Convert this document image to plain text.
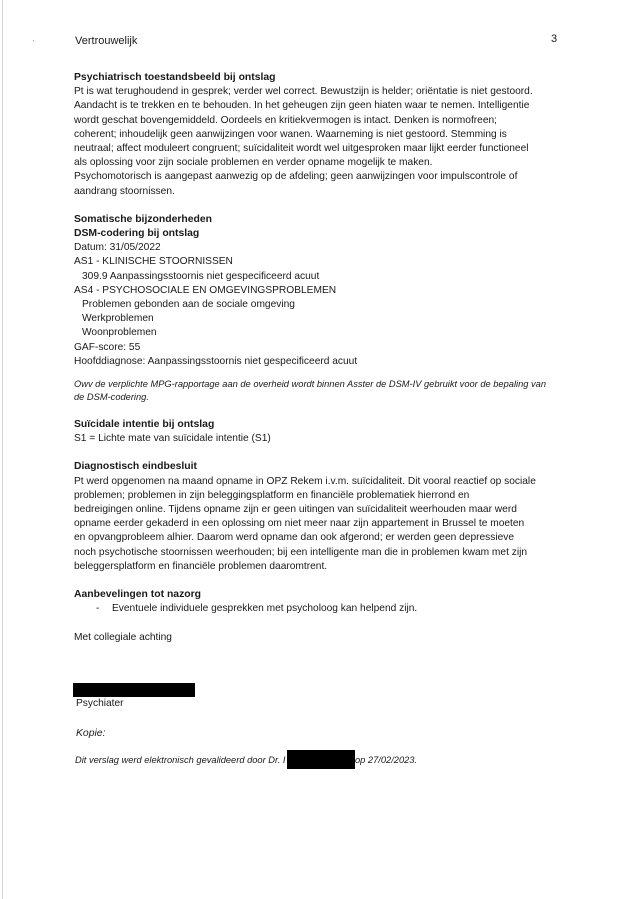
Vertrouwelijk	3
Psychiatrisch toestandsbeeld bij ontslag
Pt is wat terughoudend in gesprek; verder wel correct. Bewustzijn is helder; oriëntatie is niet gestoord.
Aandacht is te trekken en te behouden. In het geheugen zijn geen hiaten waar te nemen. Intelligentie
wordt geschat bovengemiddeld. Oordeels en kritiekvermogen is intact. Denken is normofreen;
coherent; inhoudelijk geen aanwijzingen voor wanen. Waarneming is niet gestoord. Stemming is
neutraal; affect moduleert congruent; suïcidaliteit wordt wel uitgesproken maar lijkt eerder functioneel
als oplossing voor zijn sociale problemen en verder opname mogelijk te maken.
Psychomotorisch is aangepast aanwezig op de afdeling; geen aanwijzingen voor impulscontrole of
aandrang stoornissen.
Somatische bijzonderheden
DSM-codering bij ontslag
Datum: 31/05/2022
AS1 - KLINISCHE STOORNISSEN
309.9 Aanpassingsstoornis niet gespecificeerd acuut
AS4 - PSYCHOSOCIALE EN OMGEVINGSPROBLEMEN
Problemen gebonden aan de sociale omgeving
Werkproblemen
Woonproblemen
GAF-score: 55
Hoofddiagnose: Aanpassingsstoornis niet gespecificeerd acuut
Owv de verplichte MPG-rapportage aan de overheid wordt binnen Asster de DSM-IV gebruikt voor de bepaling van
de DSM-codering.
Suïcidale intentie bij ontslag
S1 = Lichte mate van suïcidale intentie (S1)
Diagnostisch eindbesluit
Pt werd opgenomen na maand opname in OPZ Rekem i.v.m. suïcidaliteit. Dit vooral reactief op sociale
problemen; problemen in zijn beleggingsplatform en financiële problematiek hierrond en
bedreigingen online. Tijdens opname zijn er geen uitingen van suïcidaliteit weerhouden maar werd
opname eerder gekaderd in een oplossing om niet meer naar zijn appartement in Brussel te moeten
en opvangprobleem alhier. Daarom werd opname dan ook afgerond; er werden geen depressieve
noch psychotische stoornissen weerhouden; bij een intelligente man die in problemen kwam met zijn
beleggersplatform en financiële problemen daaromtrent.
Aanbevelingen tot nazorg
- Eventuele individuele gesprekken met psycholoog kan helpend zijn.
Met collegiale achting
Psychiater
Kopie:
Dit verslag werd elektronisch gevalideerd door Dr. I	op 27/02/2023.
